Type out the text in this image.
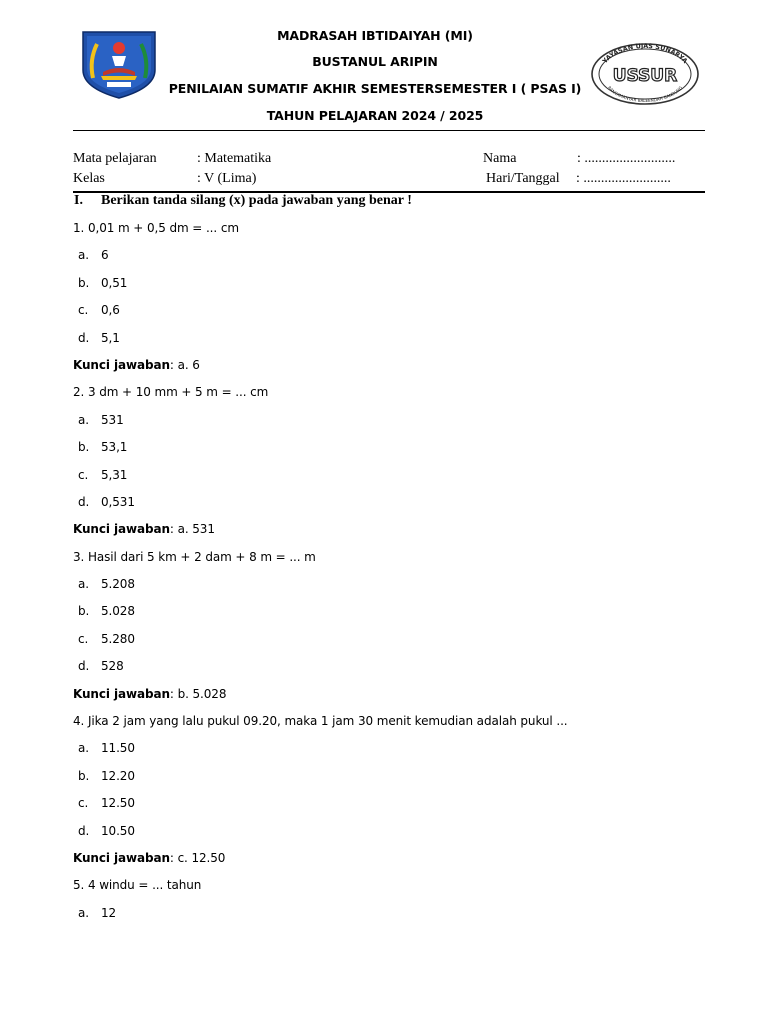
MADRASAH IBTIDAIYAH (MI)
BUSTANUL ARIPIN
PENILAIAN SUMATIF AKHIR SEMESTERSEMESTER I ( PSAS I)
TAHUN PELAJARAN 2024 / 2025
YAYASAN UJAS SUNARYA
RANCAMANYAR BALEENDAH BANDUNG
USSUR
Mata pelajaran	: Matematika
Kelas	: V (Lima)
Nama	: ..........................
Hari/Tanggal : .........................
I. Berikan tanda silang (x) pada jawaban yang benar !
1. 0,01 m + 0,5 dm = ... cm
a. 6
b. 0,51
c. 0,6
d. 5,1
Kunci jawaban: a. 6
2. 3 dm + 10 mm + 5 m = ... cm
a. 531
b. 53,1
c. 5,31
d. 0,531
Kunci jawaban: a. 531
3. Hasil dari 5 km + 2 dam + 8 m = ... m
a. 5.208
b. 5.028
c. 5.280
d. 528
Kunci jawaban: b. 5.028
4. Jika 2 jam yang lalu pukul 09.20, maka 1 jam 30 menit kemudian adalah pukul ...
a. 11.50
b. 12.20
c. 12.50
d. 10.50
Kunci jawaban: c. 12.50
5. 4 windu = ... tahun
a. 12
